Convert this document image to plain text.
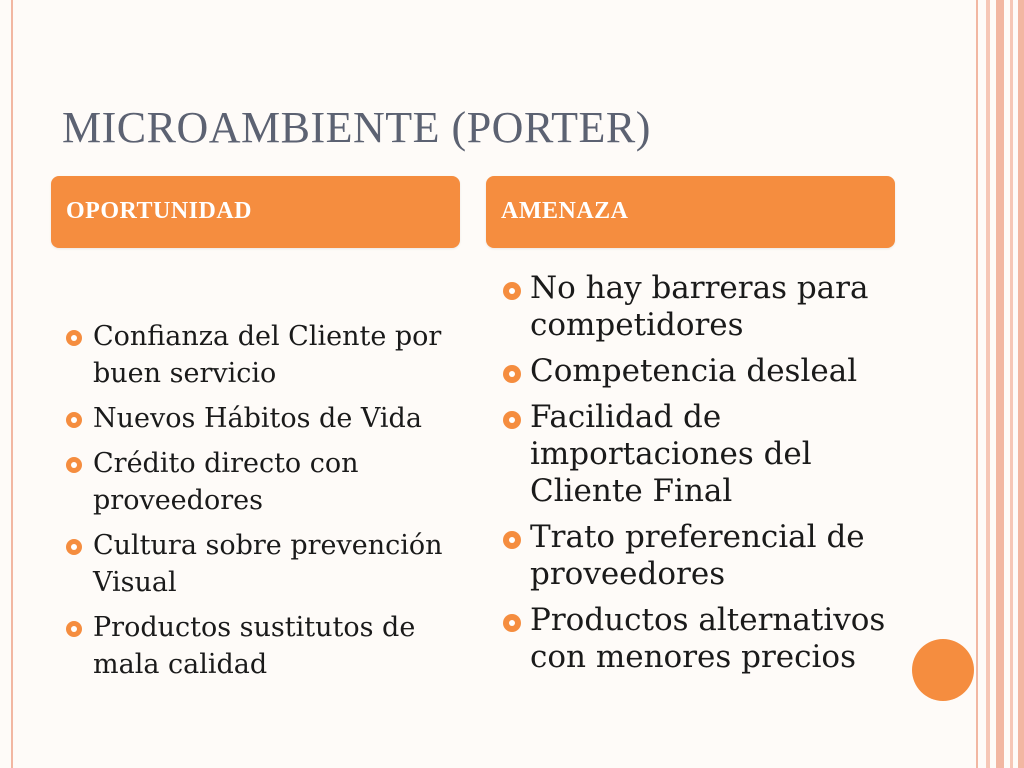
MICROAMBIENTE (PORTER)
OPORTUNIDAD	AMENAZA
Confianza del Cliente por buen servicio
Nuevos Hábitos de Vida
Crédito directo con proveedores
Cultura sobre prevención Visual
Productos sustitutos de mala calidad
No hay barreras para competidores
Competencia desleal
Facilidad de importaciones del Cliente Final
Trato preferencial de proveedores
Productos alternativos con menores precios
